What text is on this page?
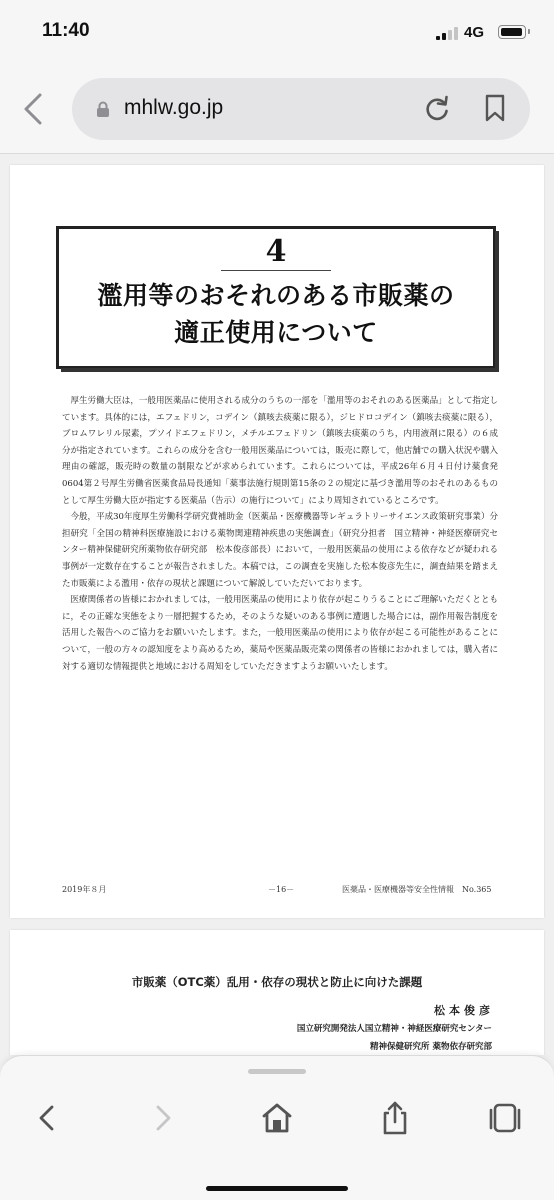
11:40	4G
mhlw.go.jp
4
濫用等のおそれのある市販薬の
適正使用について

厚生労働大臣は，一般用医薬品に使用される成分のうちの一部を「濫用等のおそれのある医薬品」として指定しています。具体的には，エフェドリン，コデイン（鎮咳去痰薬に限る），ジヒドロコデイン（鎮咳去痰薬に限る），ブロムワレリル尿素，プソイドエフェドリン，メチルエフェドリン（鎮咳去痰薬のうち，内用液剤に限る）の６成分が指定されています。これらの成分を含む一般用医薬品については，販売に際して，他店舗での購入状況や購入理由の確認，販売時の数量の制限などが求められています。これらについては，平成26年６月４日付け薬食発0604第２号厚生労働省医薬食品局長通知「薬事法施行規則第15条の２の規定に基づき濫用等のおそれのあるものとして厚生労働大臣が指定する医薬品（告示）の施行について」により周知されているところです。

今般，平成30年度厚生労働科学研究費補助金（医薬品・医療機器等レギュラトリーサイエンス政策研究事業）分担研究「全国の精神科医療施設における薬物関連精神疾患の実態調査」（研究分担者　国立精神・神経医療研究センター精神保健研究所薬物依存研究部　松本俊彦部長）において，一般用医薬品の使用による依存などが疑われる事例が一定数存在することが報告されました。本稿では，この調査を実施した松本俊彦先生に，調査結果を踏まえた市販薬による濫用・依存の現状と課題について解説していただいております。

医療関係者の皆様におかれましては，一般用医薬品の使用により依存が起こりうることにご理解いただくとともに，その正確な実態をより一層把握するため，そのような疑いのある事例に遭遇した場合には，副作用報告制度を活用した報告へのご協力をお願いいたします。また，一般用医薬品の使用により依存が起こる可能性があることについて，一般の方々の認知度をより高めるため，薬局や医薬品販売業の関係者の皆様におかれましては，購入者に対する適切な情報提供と地域における周知をしていただきますようお願いいたします。

2019年８月	－16－	医薬品・医療機器等安全性情報　No.365
市販薬（OTC薬）乱用・依存の現状と防止に向けた課題
松本俊彦
国立研究開発法人国立精神・神経医療研究センター
精神保健研究所 薬物依存研究部
